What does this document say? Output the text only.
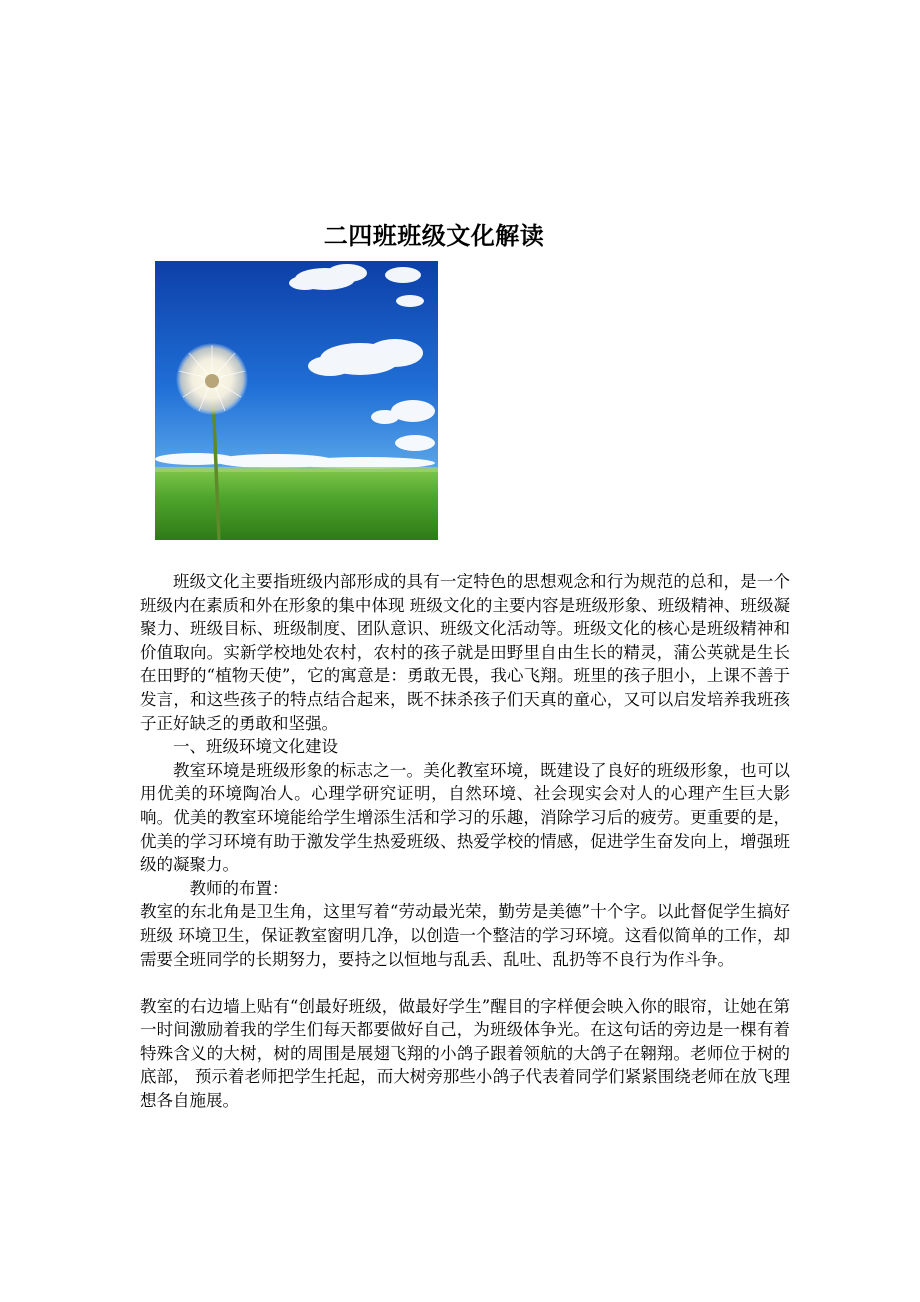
二四班班级文化解读

班级文化主要指班级内部形成的具有一定特色的思想观念和行为规范的总和，是一个班级内在素质和外在形象的集中体现 班级文化的主要内容是班级形象、班级精神、班级凝聚力、班级目标、班级制度、团队意识、班级文化活动等。班级文化的核心是班级精神和价值取向。实新学校地处农村，农村的孩子就是田野里自由生长的精灵，蒲公英就是生长在田野的“植物天使”，它的寓意是：勇敢无畏，我心飞翔。班里的孩子胆小，上课不善于发言，和这些孩子的特点结合起来，既不抹杀孩子们天真的童心，又可以启发培养我班孩子正好缺乏的勇敢和坚强。

一、班级环境文化建设

教室环境是班级形象的标志之一。美化教室环境，既建设了良好的班级形象，也可以用优美的环境陶冶人。心理学研究证明，自然环境、社会现实会对人的心理产生巨大影响。优美的教室环境能给学生增添生活和学习的乐趣，消除学习后的疲劳。更重要的是，优美的学习环境有助于激发学生热爱班级、热爱学校的情感，促进学生奋发向上，增强班级的凝聚力。

教师的布置：

教室的东北角是卫生角，这里写着“劳动最光荣，勤劳是美德”十个字。以此督促学生搞好班级 环境卫生，保证教室窗明几净，以创造一个整洁的学习环境。这看似简单的工作，却需要全班同学的长期努力，要持之以恒地与乱丢、乱吐、乱扔等不良行为作斗争。

教室的右边墙上贴有“创最好班级，做最好学生”醒目的字样便会映入你的眼帘，让她在第一时间激励着我的学生们每天都要做好自己，为班级体争光。在这句话的旁边是一棵有着特殊含义的大树，树的周围是展翅飞翔的小鸽子跟着领航的大鸽子在翱翔。老师位于树的底部， 预示着老师把学生托起，而大树旁那些小鸽子代表着同学们紧紧围绕老师在放飞理想各自施展。
